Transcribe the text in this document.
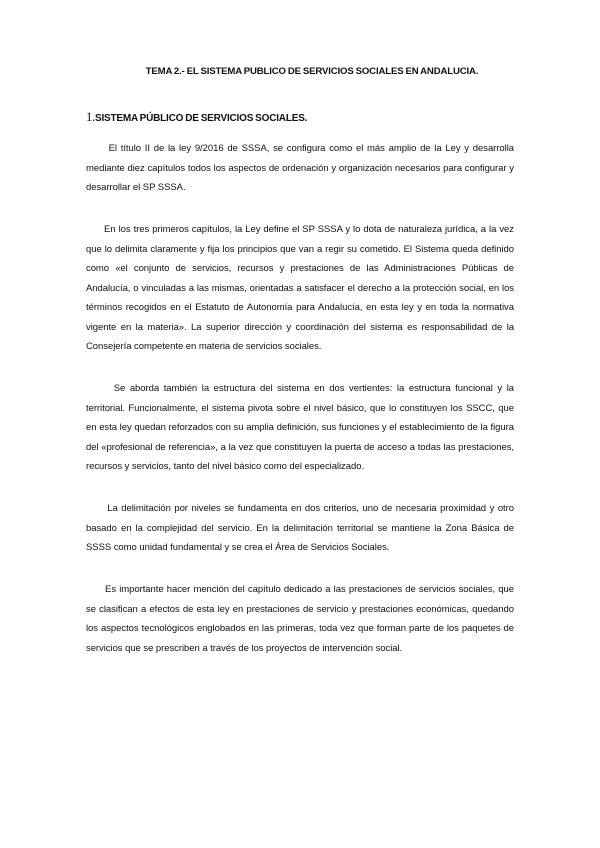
TEMA 2.- EL SISTEMA PUBLICO DE SERVICIOS SOCIALES EN ANDALUCIA.
1.SISTEMA PÚBLICO DE SERVICIOS SOCIALES.

El título II de la ley 9/2016 de SSSA, se configura como el más amplio de la Ley y desarrolla mediante diez capítulos todos los aspectos de ordenación y organización necesarios para configurar y desarrollar el SP SSSA.

En los tres primeros capítulos, la Ley define el SP SSSA y lo dota de naturaleza jurídica, a la vez que lo delimita claramente y fija los principios que van a regir su cometido. El Sistema queda definido como «el conjunto de servicios, recursos y prestaciones de las Administraciones Públicas de Andalucía, o vinculadas a las mismas, orientadas a satisfacer el derecho a la protección social, en los términos recogidos en el Estatuto de Autonomía para Andalucía, en esta ley y en toda la normativa vigente en la materia». La superior dirección y coordinación del sistema es responsabilidad de la Consejería competente en materia de servicios sociales.

Se aborda también la estructura del sistema en dos vertientes: la estructura funcional y la territorial. Funcionalmente, el sistema pivota sobre el nivel básico, que lo constituyen los SSCC, que en esta ley quedan reforzados con su amplia definición, sus funciones y el establecimiento de la figura del «profesional de referencia», a la vez que constituyen la puerta de acceso a todas las prestaciones, recursos y servicios, tanto del nivel básico como del especializado.

La delimitación por niveles se fundamenta en dos criterios, uno de necesaria proximidad y otro basado en la complejidad del servicio. En la delimitación territorial se mantiene la Zona Básica de SSSS como unidad fundamental y se crea el Área de Servicios Sociales.

Es importante hacer mención del capítulo dedicado a las prestaciones de servicios sociales, que se clasifican a efectos de esta ley en prestaciones de servicio y prestaciones económicas, quedando los aspectos tecnológicos englobados en las primeras, toda vez que forman parte de los paquetes de servicios que se prescriben a través de los proyectos de intervención social.
